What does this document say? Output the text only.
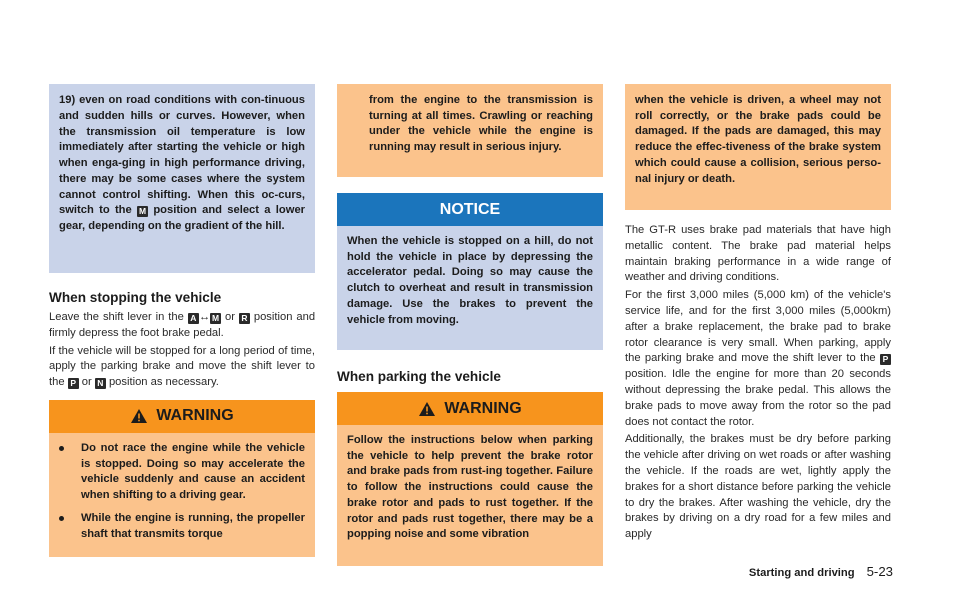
19) even on road conditions with con-tinuous and sudden hills or curves. However, when the transmission oil temperature is low immediately after starting the vehicle or high when enga-ging in high performance driving, there may be some cases where the system cannot control shifting. When this oc-curs, switch to the M position and select a lower gear, depending on the gradient of the hill.
When stopping the vehicle

Leave the shift lever in the A ↔ M or R position and firmly depress the foot brake pedal.

If the vehicle will be stopped for a long period of time, apply the parking brake and move the shift lever to the P or N position as necessary.

WARNING
Do not race the engine while the vehicle is stopped. Doing so may accelerate the vehicle suddenly and cause an accident when shifting to a driving gear.
While the engine is running, the propeller shaft that transmits torque
from the engine to the transmission is turning at all times. Crawling or reaching under the vehicle while the engine is running may result in serious injury.
NOTICE
When the vehicle is stopped on a hill, do not hold the vehicle in place by depressing the accelerator pedal. Doing so may cause the clutch to overheat and result in transmission damage. Use the brakes to prevent the vehicle from moving.
When parking the vehicle
WARNING
Follow the instructions below when parking the vehicle to help prevent the brake rotor and brake pads from rust-ing together. Failure to follow the instructions could cause the brake rotor and pads to rust together. If the rotor and pads rust together, there may be a popping noise and some vibration
when the vehicle is driven, a wheel may not roll correctly, or the brake pads could be damaged. If the pads are damaged, this may reduce the effec-tiveness of the brake system which could cause a collision, serious perso-nal injury or death.

The GT-R uses brake pad materials that have high metallic content. The brake pad material helps maintain braking performance in a wide range of weather and driving conditions.

For the first 3,000 miles (5,000 km) of the vehicle's service life, and for the first 3,000 miles (5,000km) after a brake replacement, the brake pad to brake rotor clearance is very small. When parking, apply the parking brake and move the shift lever to the P position. Idle the engine for more than 20 seconds without depressing the brake pedal. This allows the brake pads to move away from the rotor so the pad does not contact the rotor.

Additionally, the brakes must be dry before parking the vehicle after driving on wet roads or after washing the vehicle. If the roads are wet, lightly apply the brakes for a short distance before parking the vehicle to dry the brakes. After washing the vehicle, dry the brakes by driving on a dry road for a few miles and apply

Starting and driving 5-23
